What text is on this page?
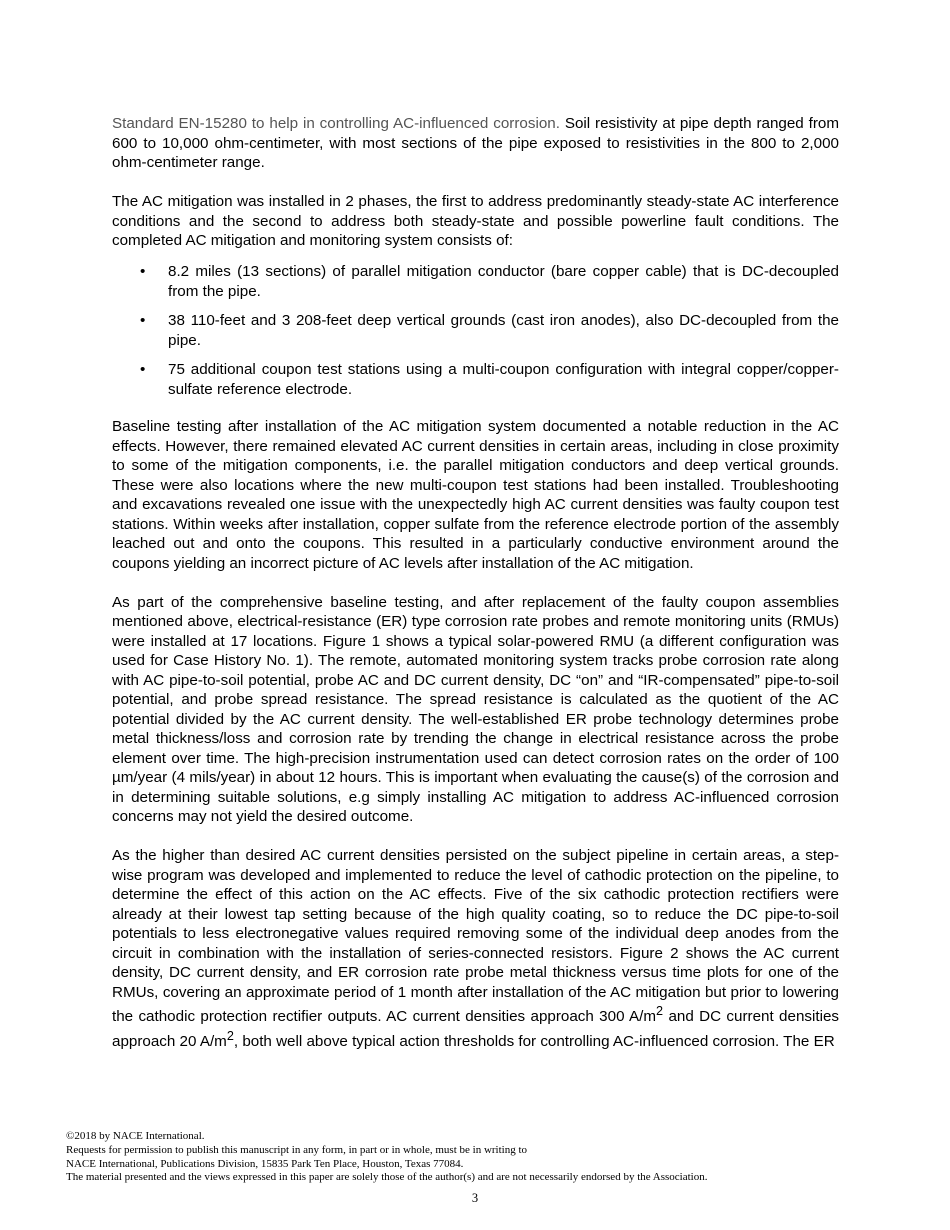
Standard EN-15280 to help in controlling AC-influenced corrosion. Soil resistivity at pipe depth ranged from 600 to 10,000 ohm-centimeter, with most sections of the pipe exposed to resistivities in the 800 to 2,000 ohm-centimeter range.

The AC mitigation was installed in 2 phases, the first to address predominantly steady-state AC interference conditions and the second to address both steady-state and possible powerline fault conditions. The completed AC mitigation and monitoring system consists of:

• 8.2 miles (13 sections) of parallel mitigation conductor (bare copper cable) that is DC-decoupled from the pipe.
• 38 110-feet and 3 208-feet deep vertical grounds (cast iron anodes), also DC-decoupled from the pipe.
• 75 additional coupon test stations using a multi-coupon configuration with integral copper/copper-sulfate reference electrode.

Baseline testing after installation of the AC mitigation system documented a notable reduction in the AC effects. However, there remained elevated AC current densities in certain areas, including in close proximity to some of the mitigation components, i.e. the parallel mitigation conductors and deep vertical grounds. These were also locations where the new multi-coupon test stations had been installed. Troubleshooting and excavations revealed one issue with the unexpectedly high AC current densities was faulty coupon test stations. Within weeks after installation, copper sulfate from the reference electrode portion of the assembly leached out and onto the coupons. This resulted in a particularly conductive environment around the coupons yielding an incorrect picture of AC levels after installation of the AC mitigation.

As part of the comprehensive baseline testing, and after replacement of the faulty coupon assemblies mentioned above, electrical-resistance (ER) type corrosion rate probes and remote monitoring units (RMUs) were installed at 17 locations. Figure 1 shows a typical solar-powered RMU (a different configuration was used for Case History No. 1). The remote, automated monitoring system tracks probe corrosion rate along with AC pipe-to-soil potential, probe AC and DC current density, DC “on” and “IR-compensated” pipe-to-soil potential, and probe spread resistance. The spread resistance is calculated as the quotient of the AC potential divided by the AC current density. The well-established ER probe technology determines probe metal thickness/loss and corrosion rate by trending the change in electrical resistance across the probe element over time. The high-precision instrumentation used can detect corrosion rates on the order of 100 µm/year (4 mils/year) in about 12 hours. This is important when evaluating the cause(s) of the corrosion and in determining suitable solutions, e.g simply installing AC mitigation to address AC-influenced corrosion concerns may not yield the desired outcome.

As the higher than desired AC current densities persisted on the subject pipeline in certain areas, a step-wise program was developed and implemented to reduce the level of cathodic protection on the pipeline, to determine the effect of this action on the AC effects. Five of the six cathodic protection rectifiers were already at their lowest tap setting because of the high quality coating, so to reduce the DC pipe-to-soil potentials to less electronegative values required removing some of the individual deep anodes from the circuit in combination with the installation of series-connected resistors. Figure 2 shows the AC current density, DC current density, and ER corrosion rate probe metal thickness versus time plots for one of the RMUs, covering an approximate period of 1 month after installation of the AC mitigation but prior to lowering the cathodic protection rectifier outputs. AC current densities approach 300 $A/m^2$ and DC current densities approach 20 $A/m^2$, both well above typical action thresholds for controlling AC-influenced corrosion. The ER

©2018 by NACE International.
Requests for permission to publish this manuscript in any form, in part or in whole, must be in writing to
NACE International, Publications Division, 15835 Park Ten Place, Houston, Texas 77084.
The material presented and the views expressed in this paper are solely those of the author(s) and are not necessarily endorsed by the Association.
3
